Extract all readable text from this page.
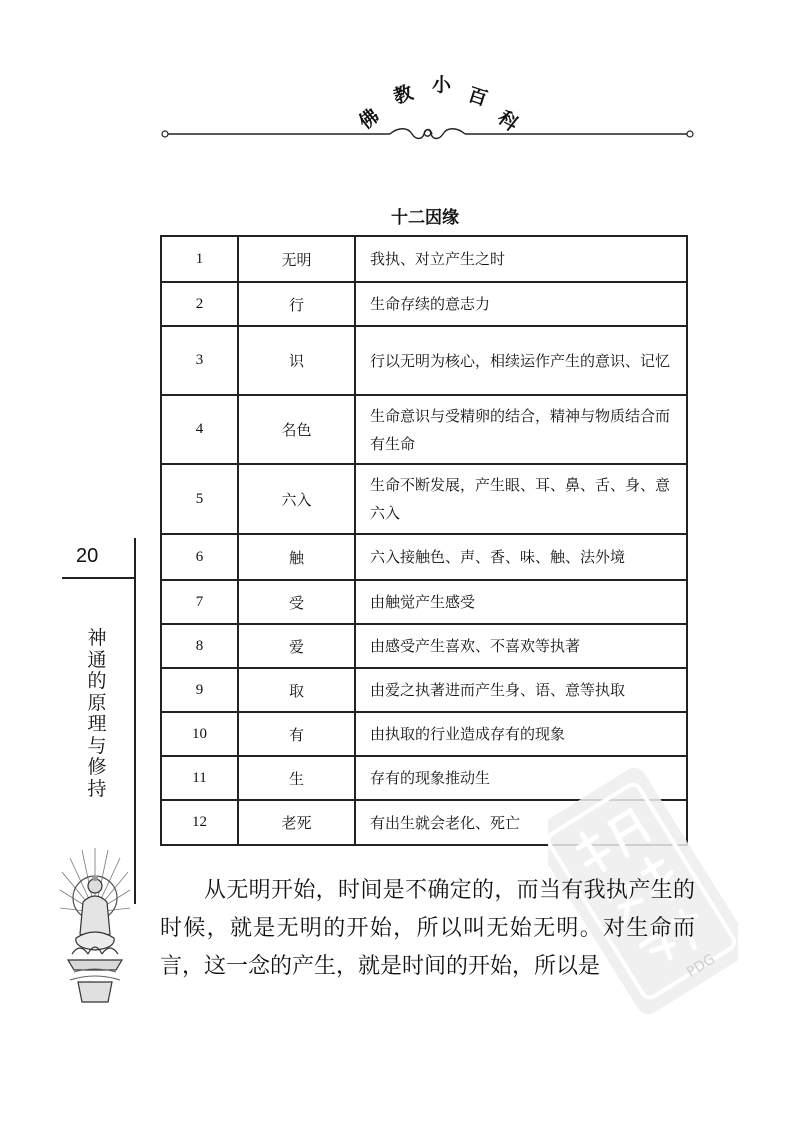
佛
教 小 百
科
十二因缘
1	无明	我执、对立产生之时
2	行	生命存续的意志力
3	识	行以无明为核心，相续运作产生的意识、记忆
4	名色	生命意识与受精卵的结合，精神与物质结合而有生命
5	六入	生命不断发展，产生眼、耳、鼻、舌、身、意六入
6	触	六入接触色、声、香、味、触、法外境
7	受	由触觉产生感受
8	爱	由感受产生喜欢、不喜欢等执著
9	取	由爱之执著进而产生身、语、意等执取
10	有	由执取的行业造成存有的现象
11	生	存有的现象推动生
12	老死	有出生就会老化、死亡
20
神通的原理与修持
PDG

从无明开始，时间是不确定的，而当有我执产生的时候，就是无明的开始，所以叫无始无明。对生命而言，这一念的产生，就是时间的开始，所以是
